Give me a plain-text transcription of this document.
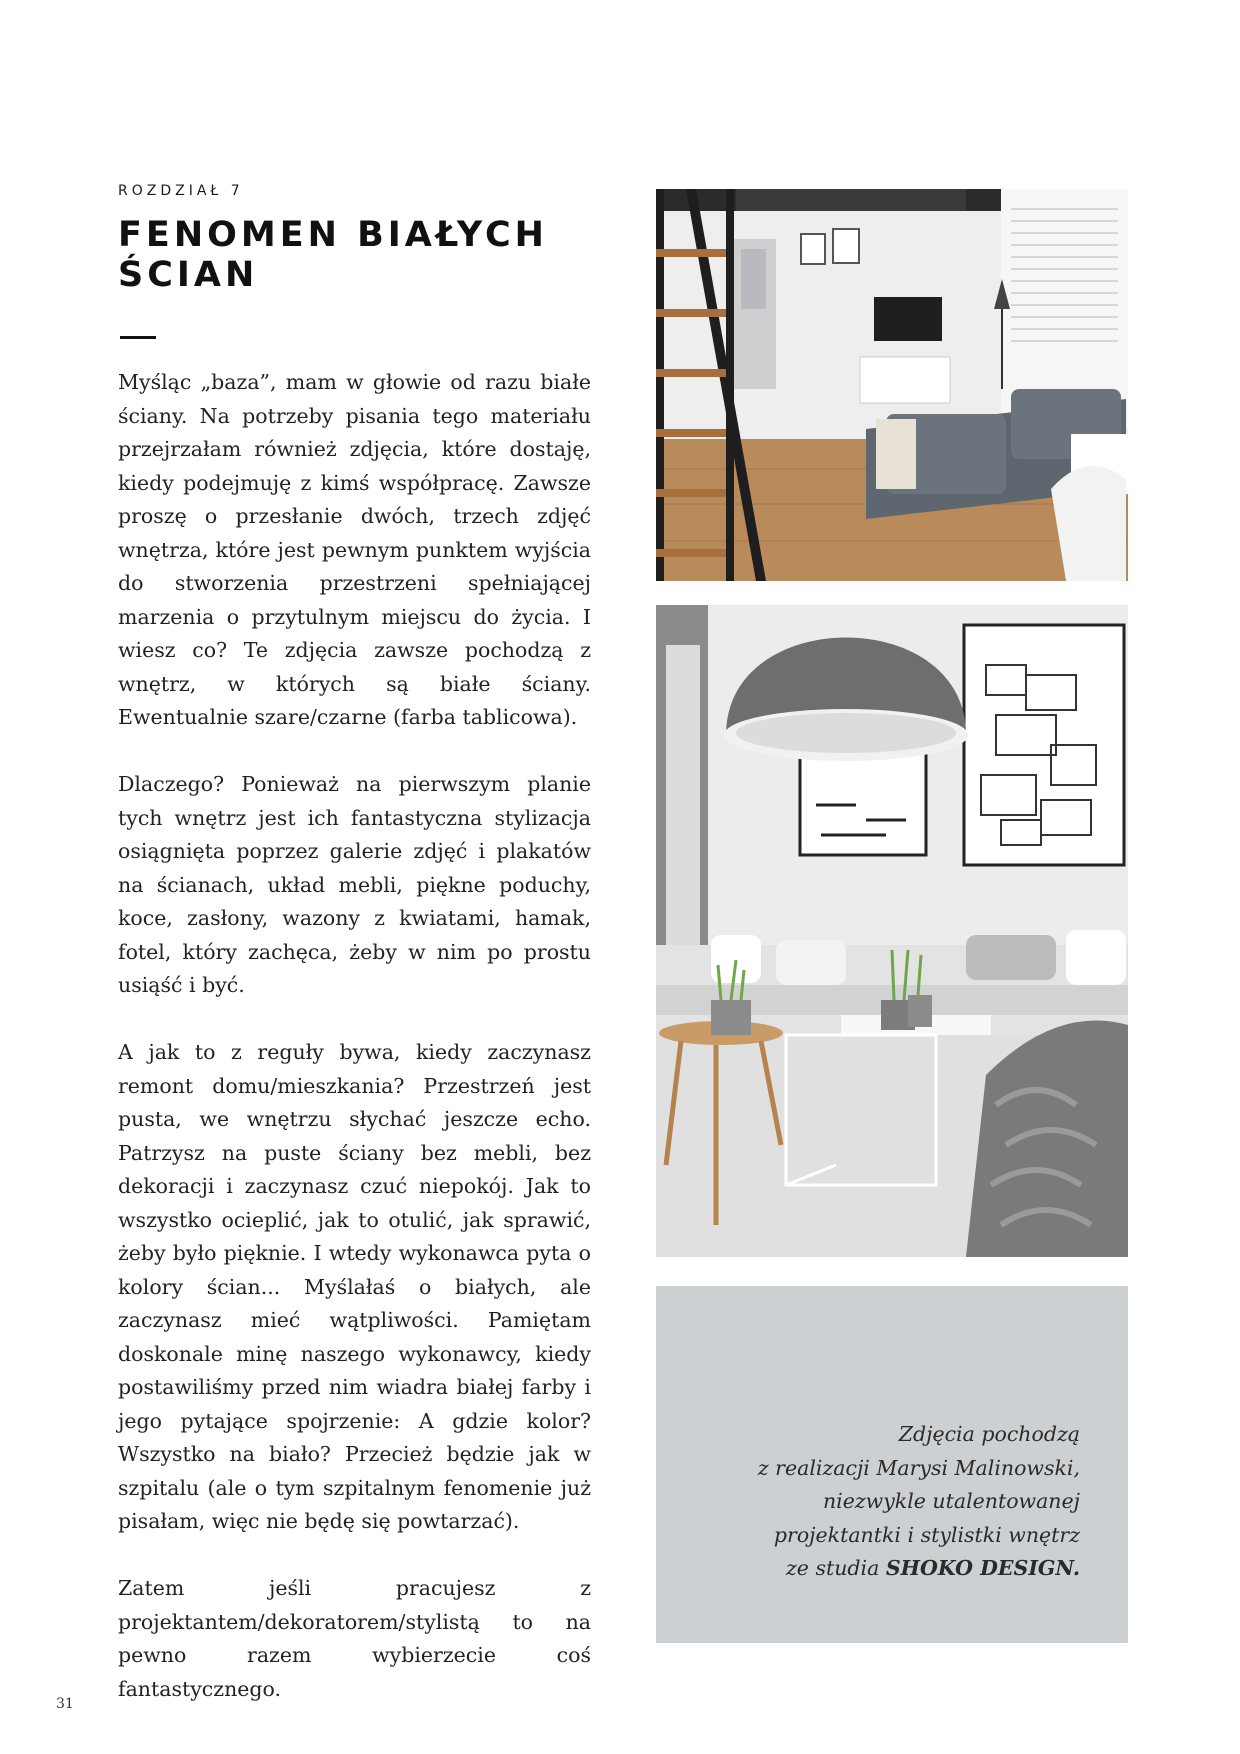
ROZDZIAŁ 7
FENOMEN BIAŁYCH
ŚCIAN

Myśląc „baza”, mam w głowie od razu białe ściany. Na potrzeby pisania tego materiału przejrzałam również zdjęcia, które dostaję, kiedy podejmuję z kimś współpracę. Zawsze proszę o przesłanie dwóch, trzech zdjęć wnętrza, które jest pewnym punktem wyjścia do stworzenia przestrzeni spełniającej marzenia o przytulnym miejscu do życia. I wiesz co? Te zdjęcia zawsze pochodzą z wnętrz, w których są białe ściany. Ewentualnie szare/czarne (farba tablicowa).

Dlaczego? Ponieważ na pierwszym planie tych wnętrz jest ich fantastyczna stylizacja osiągnięta poprzez galerie zdjęć i plakatów na ścianach, układ mebli, piękne poduchy, koce, zasłony, wazony z kwiatami, hamak, fotel, który zachęca, żeby w nim po prostu usiąść i być.

A jak to z reguły bywa, kiedy zaczynasz remont domu/mieszkania? Przestrzeń jest pusta, we wnętrzu słychać jeszcze echo. Patrzysz na puste ściany bez mebli, bez dekoracji i zaczynasz czuć niepokój. Jak to wszystko ocieplić, jak to otulić, jak sprawić, żeby było pięknie. I wtedy wykonawca pyta o kolory ścian... Myślałaś o białych, ale zaczynasz mieć wątpliwości. Pamiętam doskonale minę naszego wykonawcy, kiedy postawiliśmy przed nim wiadra białej farby i jego pytające spojrzenie: A gdzie kolor? Wszystko na biało? Przecież będzie jak w szpitalu (ale o tym szpitalnym fenomenie już pisałam, więc nie będę się powtarzać).

Zatem jeśli pracujesz z projektantem/dekoratorem/stylistą to na pewno razem wybierzecie coś fantastycznego.

Zdjęcia pochodzą
z realizacji Marysi Malinowski,
niezwykle utalentowanej
projektantki i stylistki wnętrz
ze studia SHOKO DESIGN.
31
